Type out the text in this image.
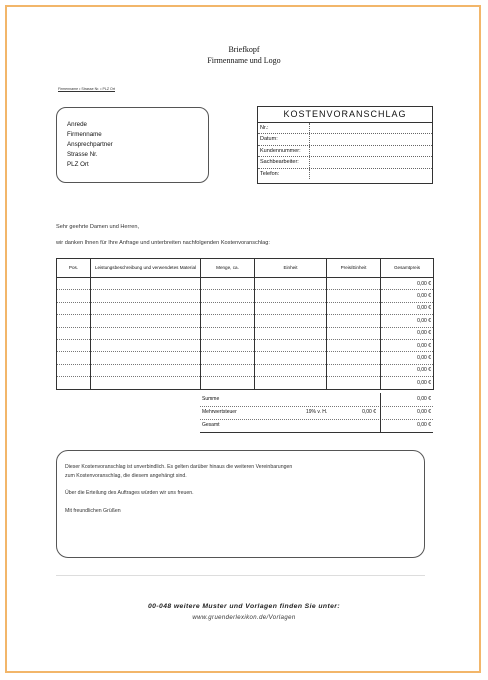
Briefkopf
Firmenname und Logo
Firmenname • Strasse Nr. • PLZ Ort
Anrede
Firmenname
Ansprechpartner
Strasse Nr.
PLZ Ort
KOSTENVORANSCHLAG
Nr.:
Datum:
Kundennummer:
Sachbearbeiter:
Telefon:
Sehr geehrte Damen und Herren,
wir danken Ihnen für Ihre Anfrage und unterbreiten nachfolgenden Kostenvoranschlag:
Pos.	Leistungsbeschreibung und verwendetes Material	Menge, ca.	Einheit	Preis/Einheit	Gesamtpreis
					0,00 €
					0,00 €
					0,00 €
					0,00 €
					0,00 €
					0,00 €
					0,00 €
					0,00 €
					0,00 €
Summe	0,00 €
Mehrwertsteuer	19% v. H.	0,00 €	0,00 €
Gesamt	0,00 €

Dieser Kostenvoranschlag ist unverbindlich. Es gelten darüber hinaus die weiteren Vereinbarungen

zum Kostenvoranschlag, die diesem angehängt sind.

Über die Erteilung des Auftrages würden wir uns freuen.

Mit freundlichen Grüßen

00-048 weitere Muster und Vorlagen finden Sie unter:
www.gruenderlexikon.de/Vorlagen
